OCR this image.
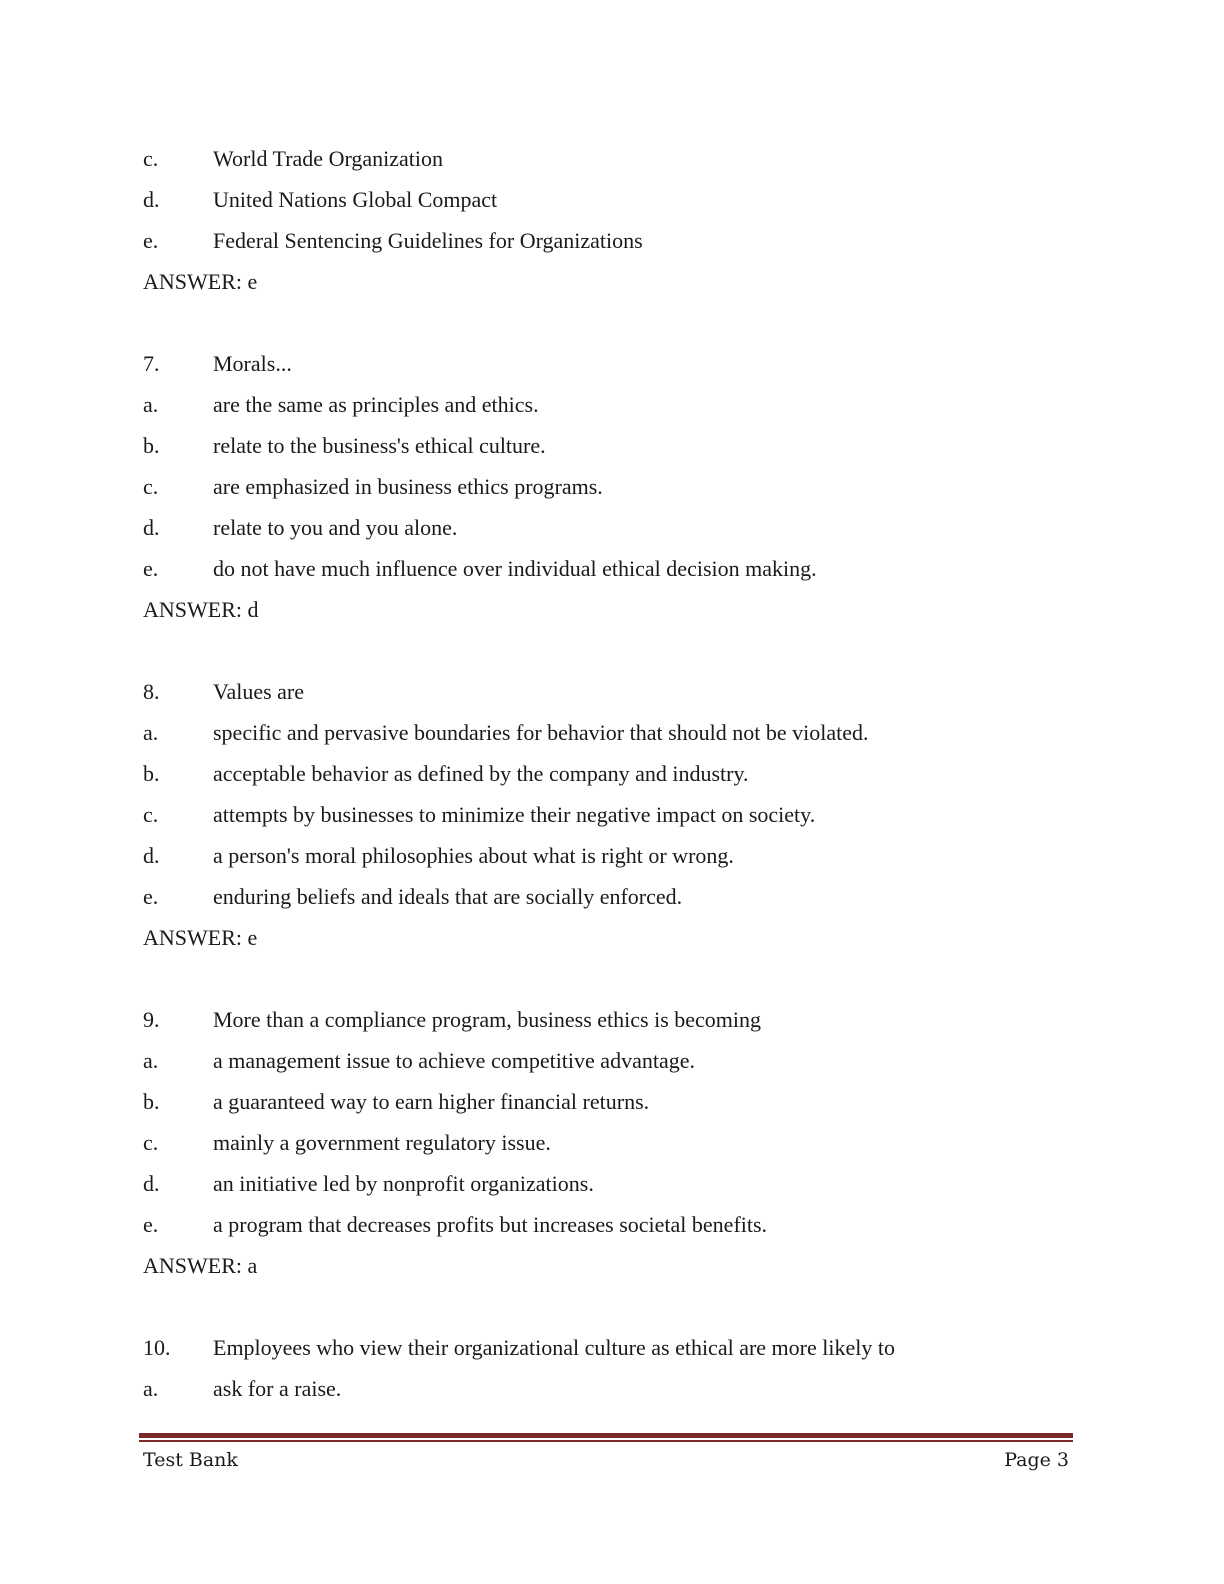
c.	World Trade Organization
d.	United Nations Global Compact
e.	Federal Sentencing Guidelines for Organizations
ANSWER: e
7.	Morals...
a.	are the same as principles and ethics.
b.	relate to the business's ethical culture.
c.	are emphasized in business ethics programs.
d.	relate to you and you alone.
e.	do not have much influence over individual ethical decision making.
ANSWER: d
8.	Values are
a.	specific and pervasive boundaries for behavior that should not be violated.
b.	acceptable behavior as defined by the company and industry.
c.	attempts by businesses to minimize their negative impact on society.
d.	a person's moral philosophies about what is right or wrong.
e.	enduring beliefs and ideals that are socially enforced.
ANSWER: e
9.	More than a compliance program, business ethics is becoming
a.	a management issue to achieve competitive advantage.
b.	a guaranteed way to earn higher financial returns.
c.	mainly a government regulatory issue.
d.	an initiative led by nonprofit organizations.
e.	a program that decreases profits but increases societal benefits.
ANSWER: a
10.	Employees who view their organizational culture as ethical are more likely to
a.	ask for a raise.
Test Bank	Page 3
